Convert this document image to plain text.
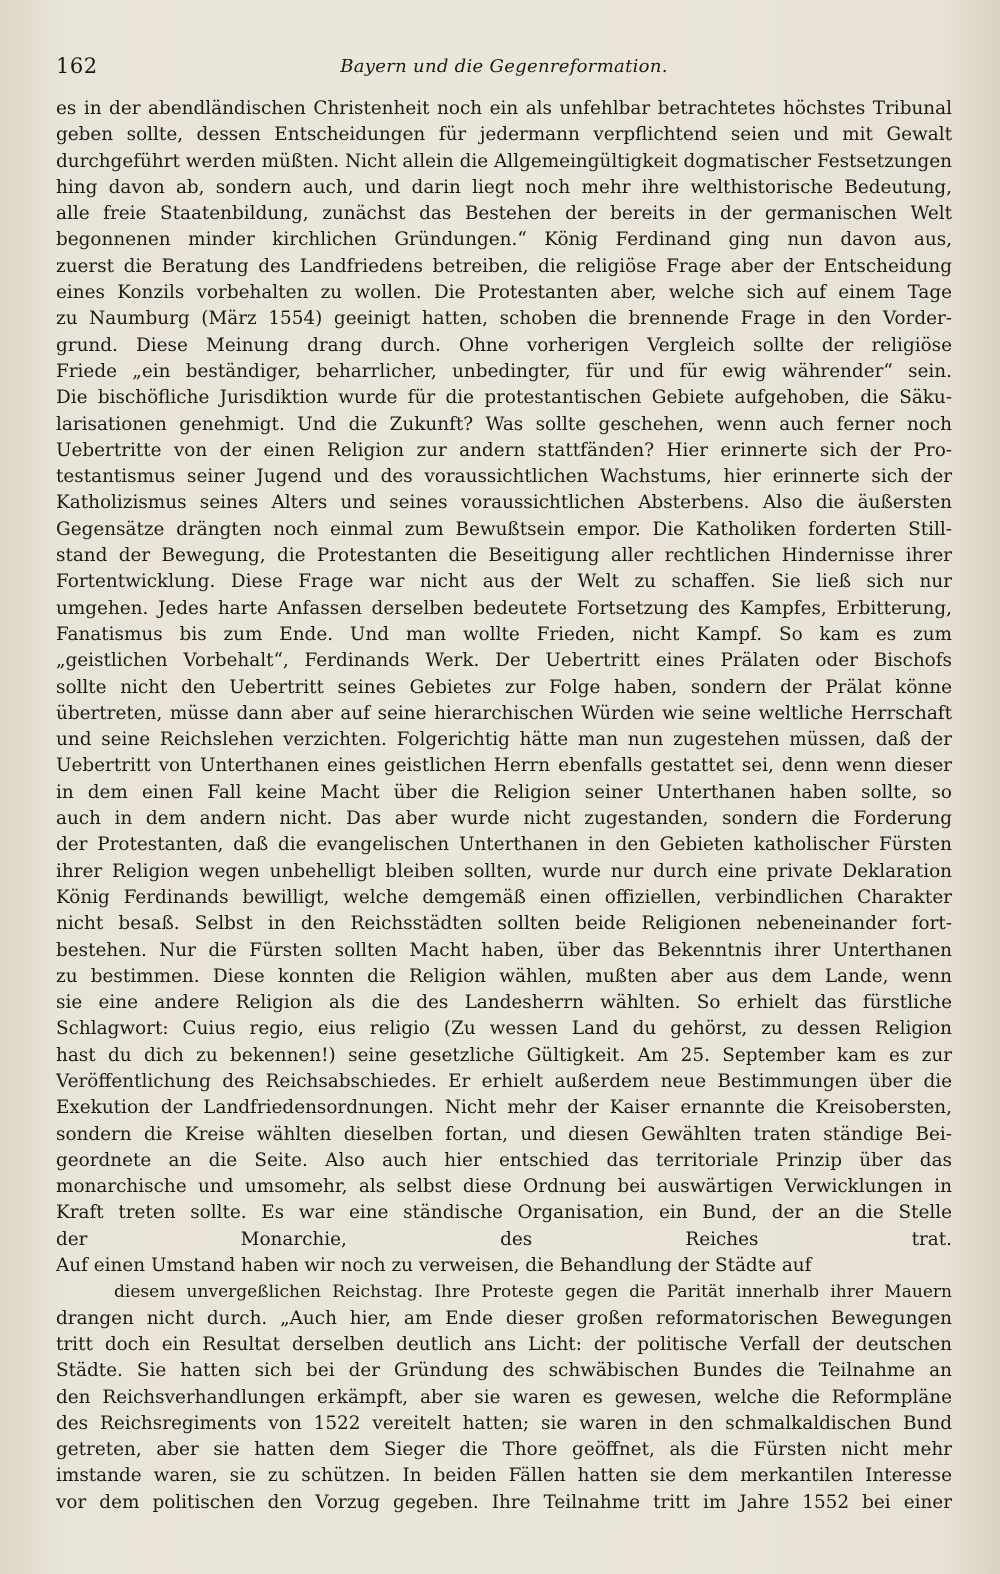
162	Bayern und die Gegenreformation.
es in der abendländischen Christenheit noch ein als unfehlbar betrachtetes höchstes Tribunal
geben sollte, dessen Entscheidungen für jedermann verpflichtend seien und mit Gewalt
durchgeführt werden müßten. Nicht allein die Allgemeingültigkeit dogmatischer Festsetzungen
hing davon ab, sondern auch, und darin liegt noch mehr ihre welthistorische Bedeutung,
alle freie Staatenbildung, zunächst das Bestehen der bereits in der germanischen Welt
begonnenen minder kirchlichen Gründungen.“ König Ferdinand ging nun davon aus,
zuerst die Beratung des Landfriedens betreiben, die religiöse Frage aber der Entscheidung
eines Konzils vorbehalten zu wollen. Die Protestanten aber, welche sich auf einem Tage
zu Naumburg (März 1554) geeinigt hatten, schoben die brennende Frage in den Vorder-
grund. Diese Meinung drang durch. Ohne vorherigen Vergleich sollte der religiöse
Friede „ein beständiger, beharrlicher, unbedingter, für und für ewig währender“ sein.
Die bischöfliche Jurisdiktion wurde für die protestantischen Gebiete aufgehoben, die Säku-
larisationen genehmigt. Und die Zukunft? Was sollte geschehen, wenn auch ferner noch
Uebertritte von der einen Religion zur andern stattfänden? Hier erinnerte sich der Pro-
testantismus seiner Jugend und des voraussichtlichen Wachstums, hier erinnerte sich der
Katholizismus seines Alters und seines voraussichtlichen Absterbens. Also die äußersten
Gegensätze drängten noch einmal zum Bewußtsein empor. Die Katholiken forderten Still-
stand der Bewegung, die Protestanten die Beseitigung aller rechtlichen Hindernisse ihrer
Fortentwicklung. Diese Frage war nicht aus der Welt zu schaffen. Sie ließ sich nur
umgehen. Jedes harte Anfassen derselben bedeutete Fortsetzung des Kampfes, Erbitterung,
Fanatismus bis zum Ende. Und man wollte Frieden, nicht Kampf. So kam es zum
„geistlichen Vorbehalt“, Ferdinands Werk. Der Uebertritt eines Prälaten oder Bischofs
sollte nicht den Uebertritt seines Gebietes zur Folge haben, sondern der Prälat könne
übertreten, müsse dann aber auf seine hierarchischen Würden wie seine weltliche Herrschaft
und seine Reichslehen verzichten. Folgerichtig hätte man nun zugestehen müssen, daß der
Uebertritt von Unterthanen eines geistlichen Herrn ebenfalls gestattet sei, denn wenn dieser
in dem einen Fall keine Macht über die Religion seiner Unterthanen haben sollte, so
auch in dem andern nicht. Das aber wurde nicht zugestanden, sondern die Forderung
der Protestanten, daß die evangelischen Unterthanen in den Gebieten katholischer Fürsten
ihrer Religion wegen unbehelligt bleiben sollten, wurde nur durch eine private Deklaration
König Ferdinands bewilligt, welche demgemäß einen offiziellen, verbindlichen Charakter
nicht besaß. Selbst in den Reichsstädten sollten beide Religionen nebeneinander fort-
bestehen. Nur die Fürsten sollten Macht haben, über das Bekenntnis ihrer Unterthanen
zu bestimmen. Diese konnten die Religion wählen, mußten aber aus dem Lande, wenn
sie eine andere Religion als die des Landesherrn wählten. So erhielt das fürstliche
Schlagwort: Cuius regio, eius religio (Zu wessen Land du gehörst, zu dessen Religion
hast du dich zu bekennen!) seine gesetzliche Gültigkeit. Am 25. September kam es zur
Veröffentlichung des Reichsabschiedes. Er erhielt außerdem neue Bestimmungen über die
Exekution der Landfriedensordnungen. Nicht mehr der Kaiser ernannte die Kreisobersten,
sondern die Kreise wählten dieselben fortan, und diesen Gewählten traten ständige Bei-
geordnete an die Seite. Also auch hier entschied das territoriale Prinzip über das
monarchische und umsomehr, als selbst diese Ordnung bei auswärtigen Verwicklungen in
Kraft treten sollte. Es war eine ständische Organisation, ein Bund, der an die Stelle
der Monarchie, des Reiches trat.
Auf einen Umstand haben wir noch zu verweisen, die Behandlung der Städte auf
diesem unvergeßlichen Reichstag. Ihre Proteste gegen die Parität innerhalb ihrer Mauern
drangen nicht durch. „Auch hier, am Ende dieser großen reformatorischen Bewegungen
tritt doch ein Resultat derselben deutlich ans Licht: der politische Verfall der deutschen
Städte. Sie hatten sich bei der Gründung des schwäbischen Bundes die Teilnahme an
den Reichsverhandlungen erkämpft, aber sie waren es gewesen, welche die Reformpläne
des Reichsregiments von 1522 vereitelt hatten; sie waren in den schmalkaldischen Bund
getreten, aber sie hatten dem Sieger die Thore geöffnet, als die Fürsten nicht mehr
imstande waren, sie zu schützen. In beiden Fällen hatten sie dem merkantilen Interesse
vor dem politischen den Vorzug gegeben. Ihre Teilnahme tritt im Jahre 1552 bei einer
